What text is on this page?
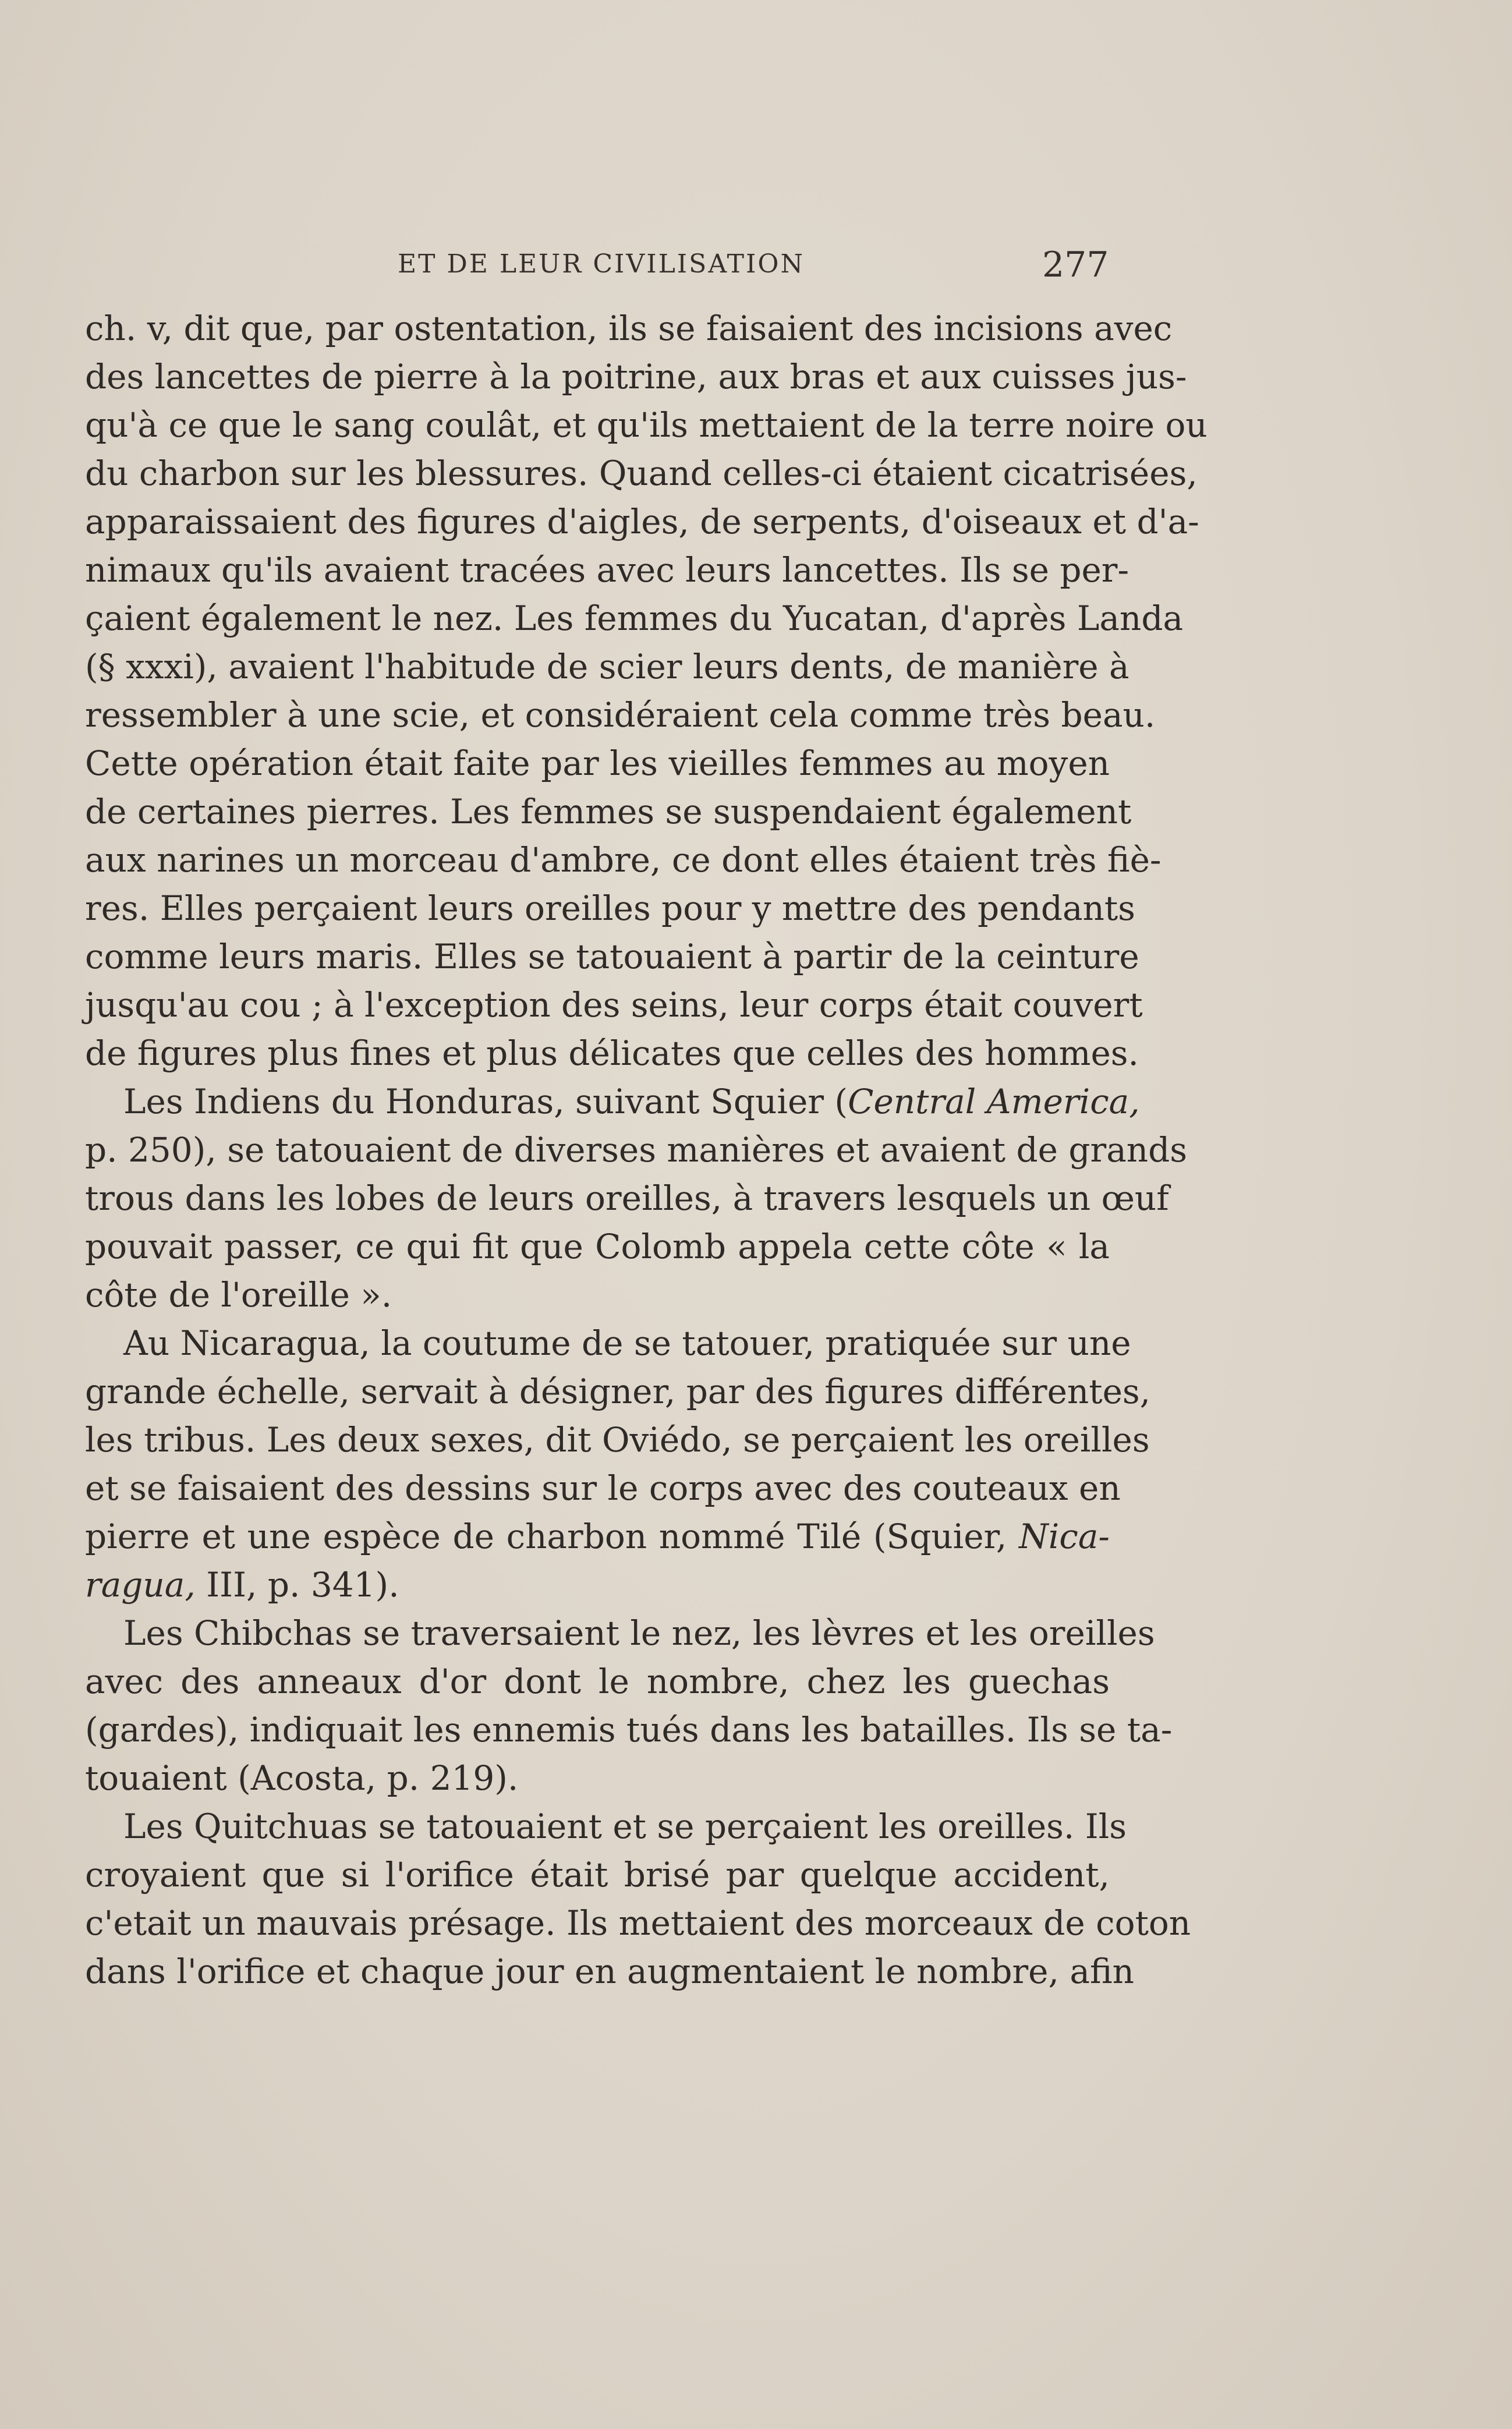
ET DE LEUR CIVILISATION	277
ch. v, dit que, par ostentation, ils se faisaient des incisions avec
des lancettes de pierre à la poitrine, aux bras et aux cuisses jus-
qu'à ce que le sang coulât, et qu'ils mettaient de la terre noire ou
du charbon sur les blessures. Quand celles-ci étaient cicatrisées,
apparaissaient des figures d'aigles, de serpents, d'oiseaux et d'a-
nimaux qu'ils avaient tracées avec leurs lancettes. Ils se per-
çaient également le nez. Les femmes du Yucatan, d'après Landa
(§ xxxi), avaient l'habitude de scier leurs dents, de manière à
ressembler à une scie, et considéraient cela comme très beau.
Cette opération était faite par les vieilles femmes au moyen
de certaines pierres. Les femmes se suspendaient également
aux narines un morceau d'ambre, ce dont elles étaient très fiè-
res. Elles perçaient leurs oreilles pour y mettre des pendants
comme leurs maris. Elles se tatouaient à partir de la ceinture
jusqu'au cou ; à l'exception des seins, leur corps était couvert
de figures plus fines et plus délicates que celles des hommes.
Les Indiens du Honduras, suivant Squier (Central America,
p. 250), se tatouaient de diverses manières et avaient de grands
trous dans les lobes de leurs oreilles, à travers lesquels un œuf
pouvait passer, ce qui fit que Colomb appela cette côte « la
côte de l'oreille ».
Au Nicaragua, la coutume de se tatouer, pratiquée sur une
grande échelle, servait à désigner, par des figures différentes,
les tribus. Les deux sexes, dit Oviédo, se perçaient les oreilles
et se faisaient des dessins sur le corps avec des couteaux en
pierre et une espèce de charbon nommé Tilé (Squier, Nica-
ragua, III, p. 341).
Les Chibchas se traversaient le nez, les lèvres et les oreilles
avec des anneaux d'or dont le nombre, chez les guechas
(gardes), indiquait les ennemis tués dans les batailles. Ils se ta-
touaient (Acosta, p. 219).
Les Quitchuas se tatouaient et se perçaient les oreilles. Ils
croyaient que si l'orifice était brisé par quelque accident,
c'etait un mauvais présage. Ils mettaient des morceaux de coton
dans l'orifice et chaque jour en augmentaient le nombre, afin
